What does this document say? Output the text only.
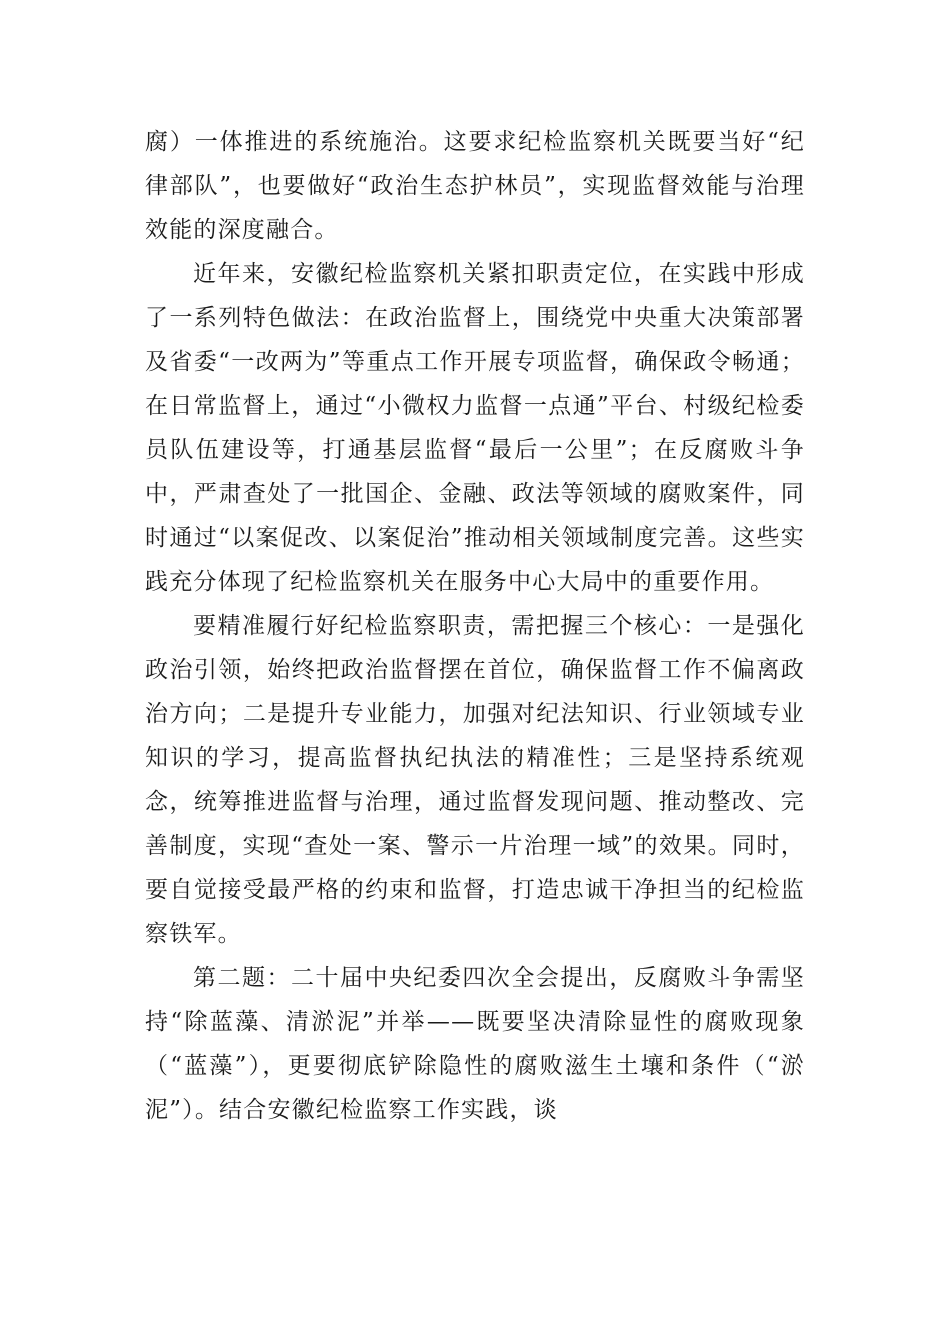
腐）一体推进的系统施治。这要求纪检监察机关既要当好“纪律部队”，也要做好“政治生态护林员”，实现监督效能与治理效能的深度融合。

近年来，安徽纪检监察机关紧扣职责定位，在实践中形成了一系列特色做法：在政治监督上，围绕党中央重大决策部署及省委“一改两为”等重点工作开展专项监督，确保政令畅通；在日常监督上，通过“小微权力监督一点通”平台、村级纪检委员队伍建设等，打通基层监督“最后一公里”；在反腐败斗争中，严肃查处了一批国企、金融、政法等领域的腐败案件，同时通过“以案促改、以案促治”推动相关领域制度完善。这些实践充分体现了纪检监察机关在服务中心大局中的重要作用。

要精准履行好纪检监察职责，需把握三个核心：一是强化政治引领，始终把政治监督摆在首位，确保监督工作不偏离政治方向；二是提升专业能力，加强对纪法知识、行业领域专业知识的学习，提高监督执纪执法的精准性；三是坚持系统观念，统筹推进监督与治理，通过监督发现问题、推动整改、完善制度，实现“查处一案、警示一片治理一域”的效果。同时，要自觉接受最严格的约束和监督，打造忠诚干净担当的纪检监察铁军。

第二题：二十届中央纪委四次全会提出，反腐败斗争需坚持“除蓝藻、清淤泥”并举——既要坚决清除显性的腐败现象（“蓝藻”），更要彻底铲除隐性的腐败滋生土壤和条件（“淤泥”）。结合安徽纪检监察工作实践，谈
